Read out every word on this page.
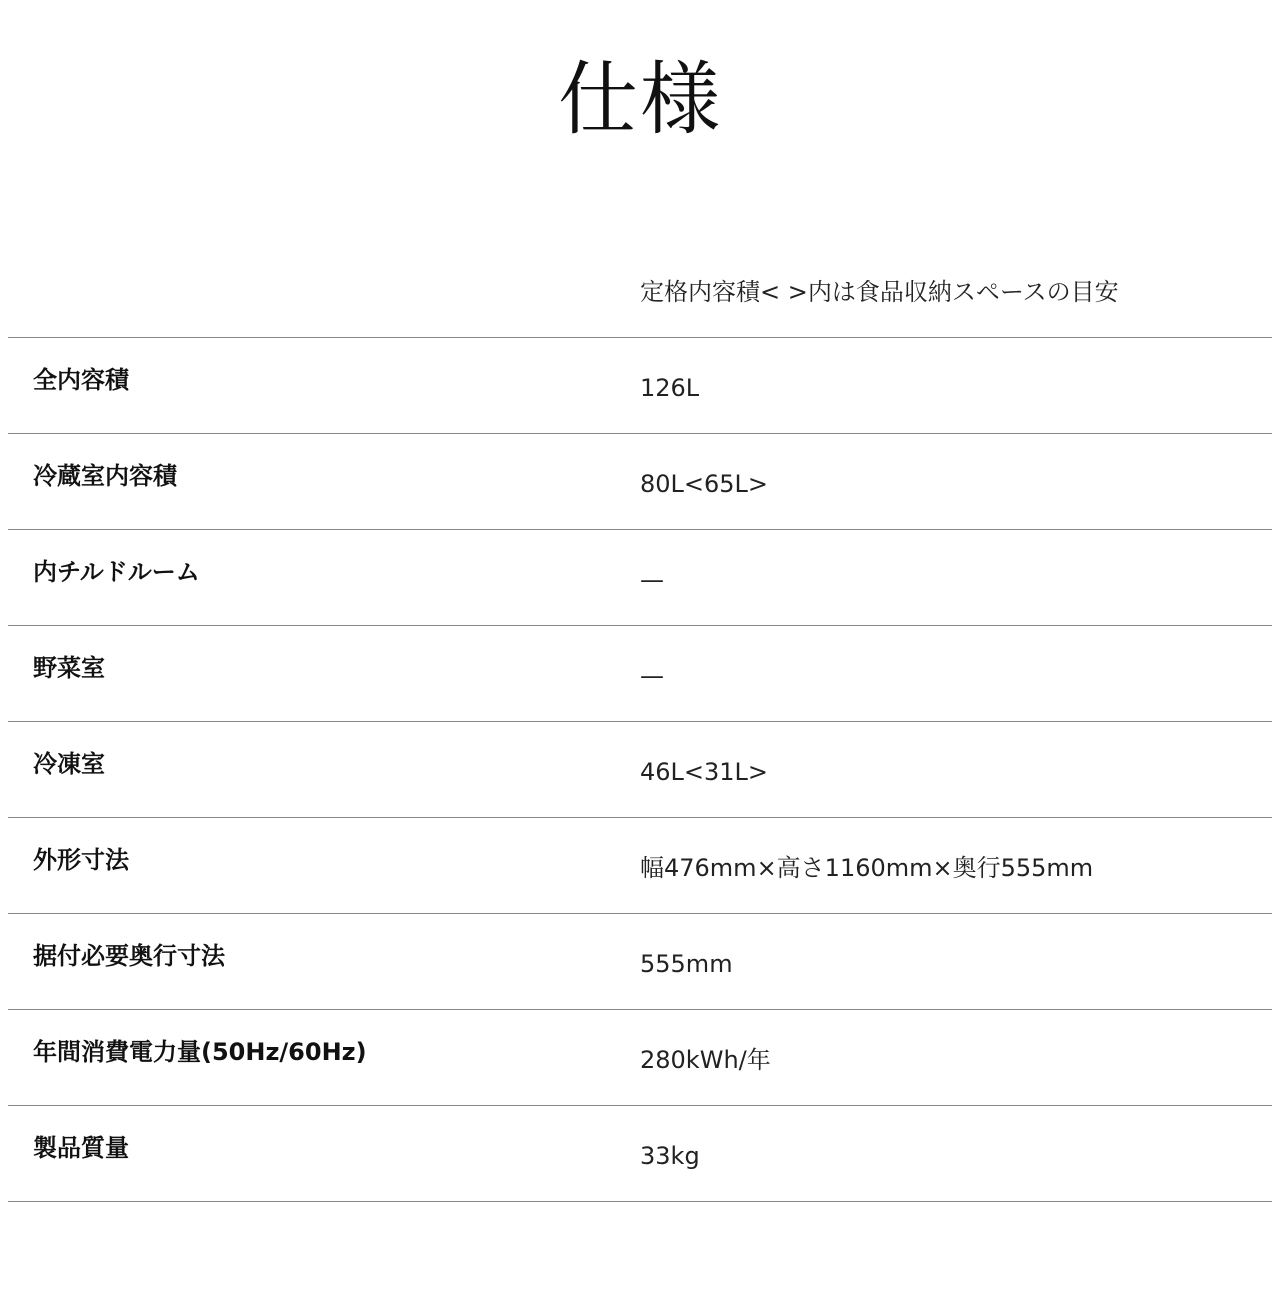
仕様
定格内容積< >内は食品収納スペースの目安
全内容積	126L
冷蔵室内容積	80L<65L>
内チルドルーム	—
野菜室	—
冷凍室	46L<31L>
外形寸法	幅476mm×高さ1160mm×奥行555mm
据付必要奥行寸法	555mm
年間消費電力量(50Hz/60Hz)	280kWh/年
製品質量	33kg
